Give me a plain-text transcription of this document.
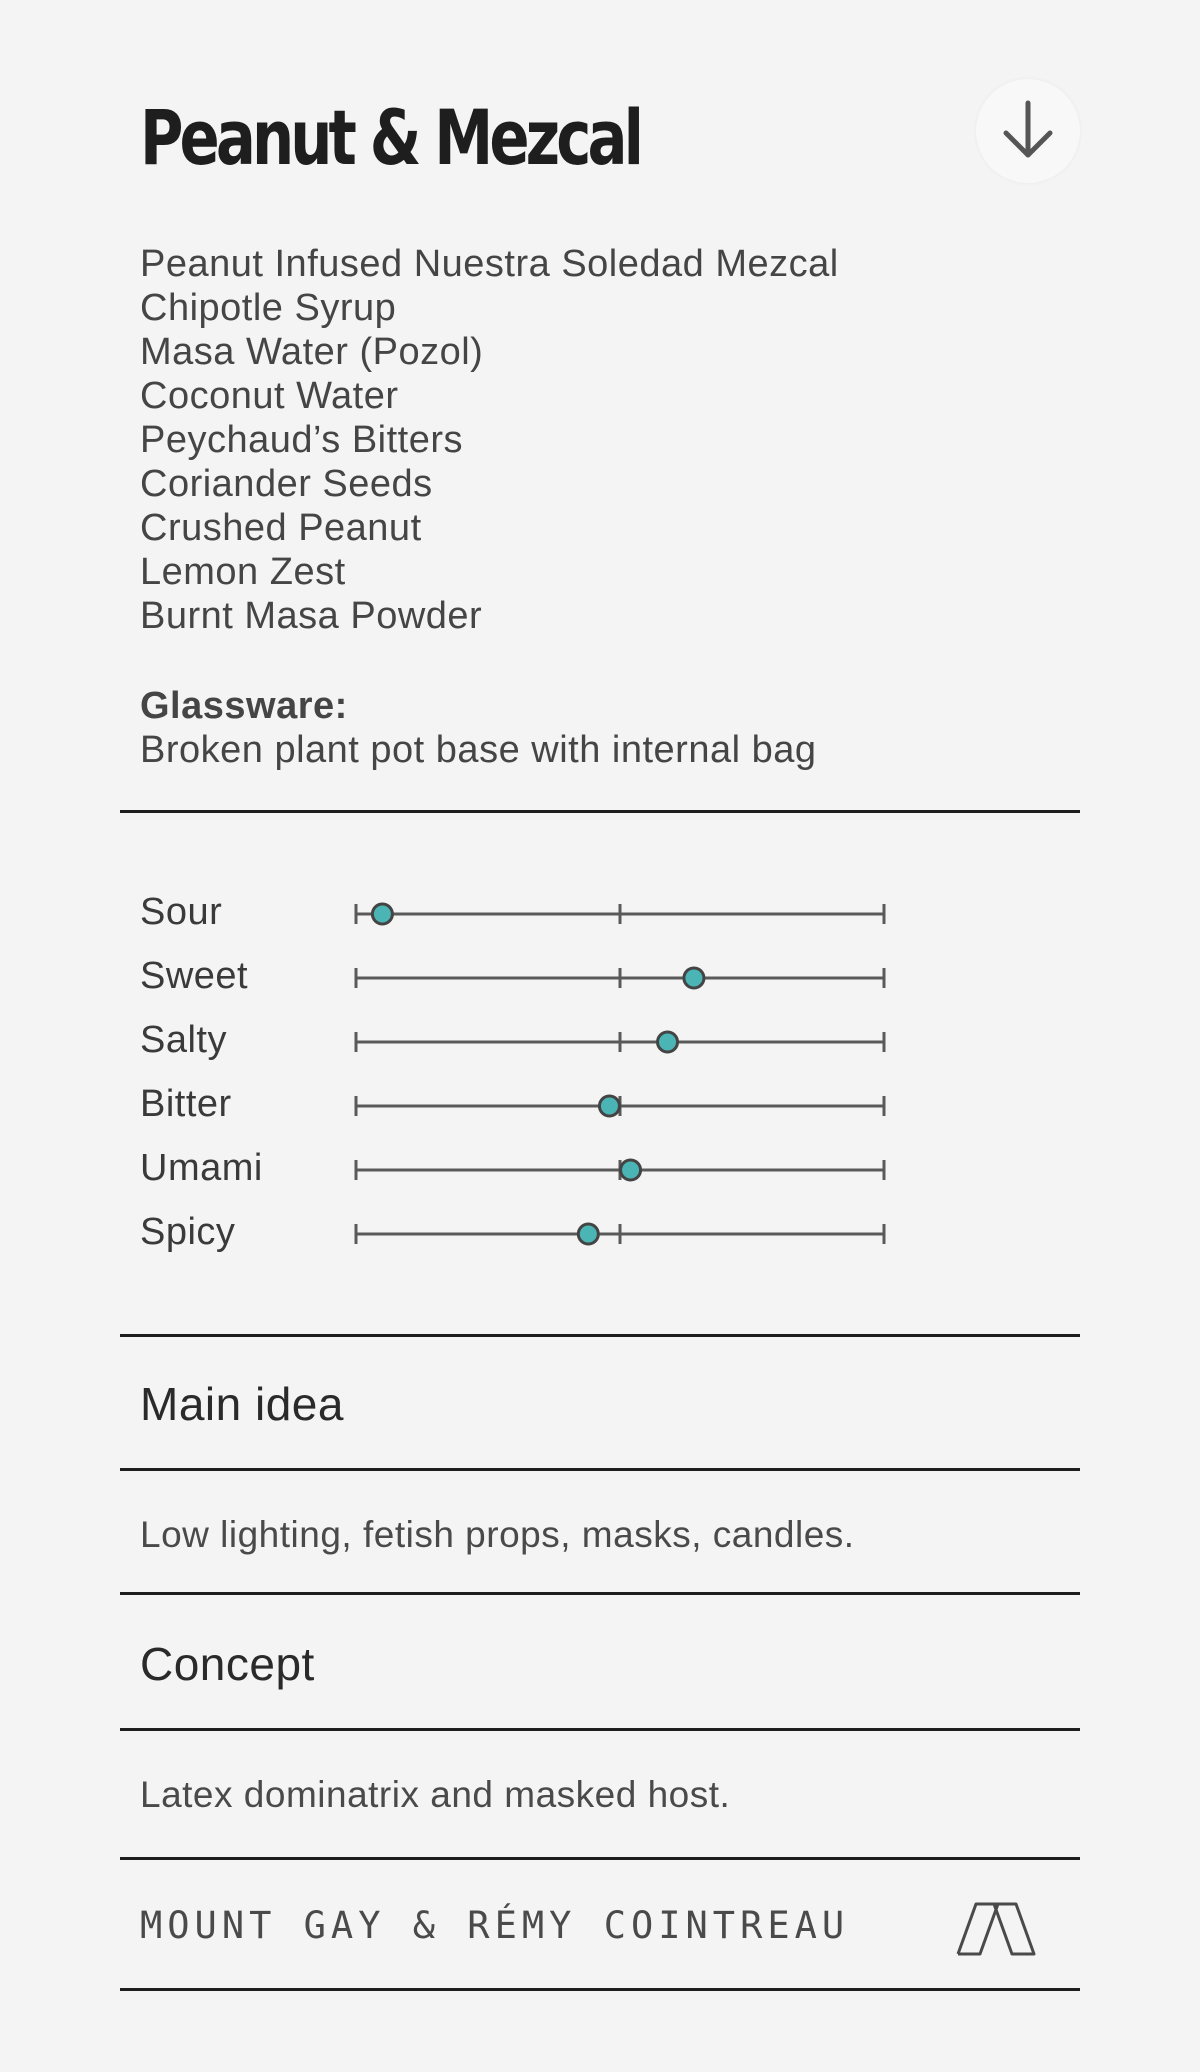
Peanut & Mezcal
Peanut Infused Nuestra Soledad Mezcal
Chipotle Syrup
Masa Water (Pozol)
Coconut Water
Peychaud’s Bitters
Coriander Seeds
Crushed Peanut
Lemon Zest
Burnt Masa Powder
Glassware:
Broken plant pot base with internal bag
Sour
Sweet
Salty
Bitter
Umami
Spicy
Main idea
Low lighting, fetish props, masks, candles.
Concept
Latex dominatrix and masked host.
MOUNT GAY & RÉMY COINTREAU
